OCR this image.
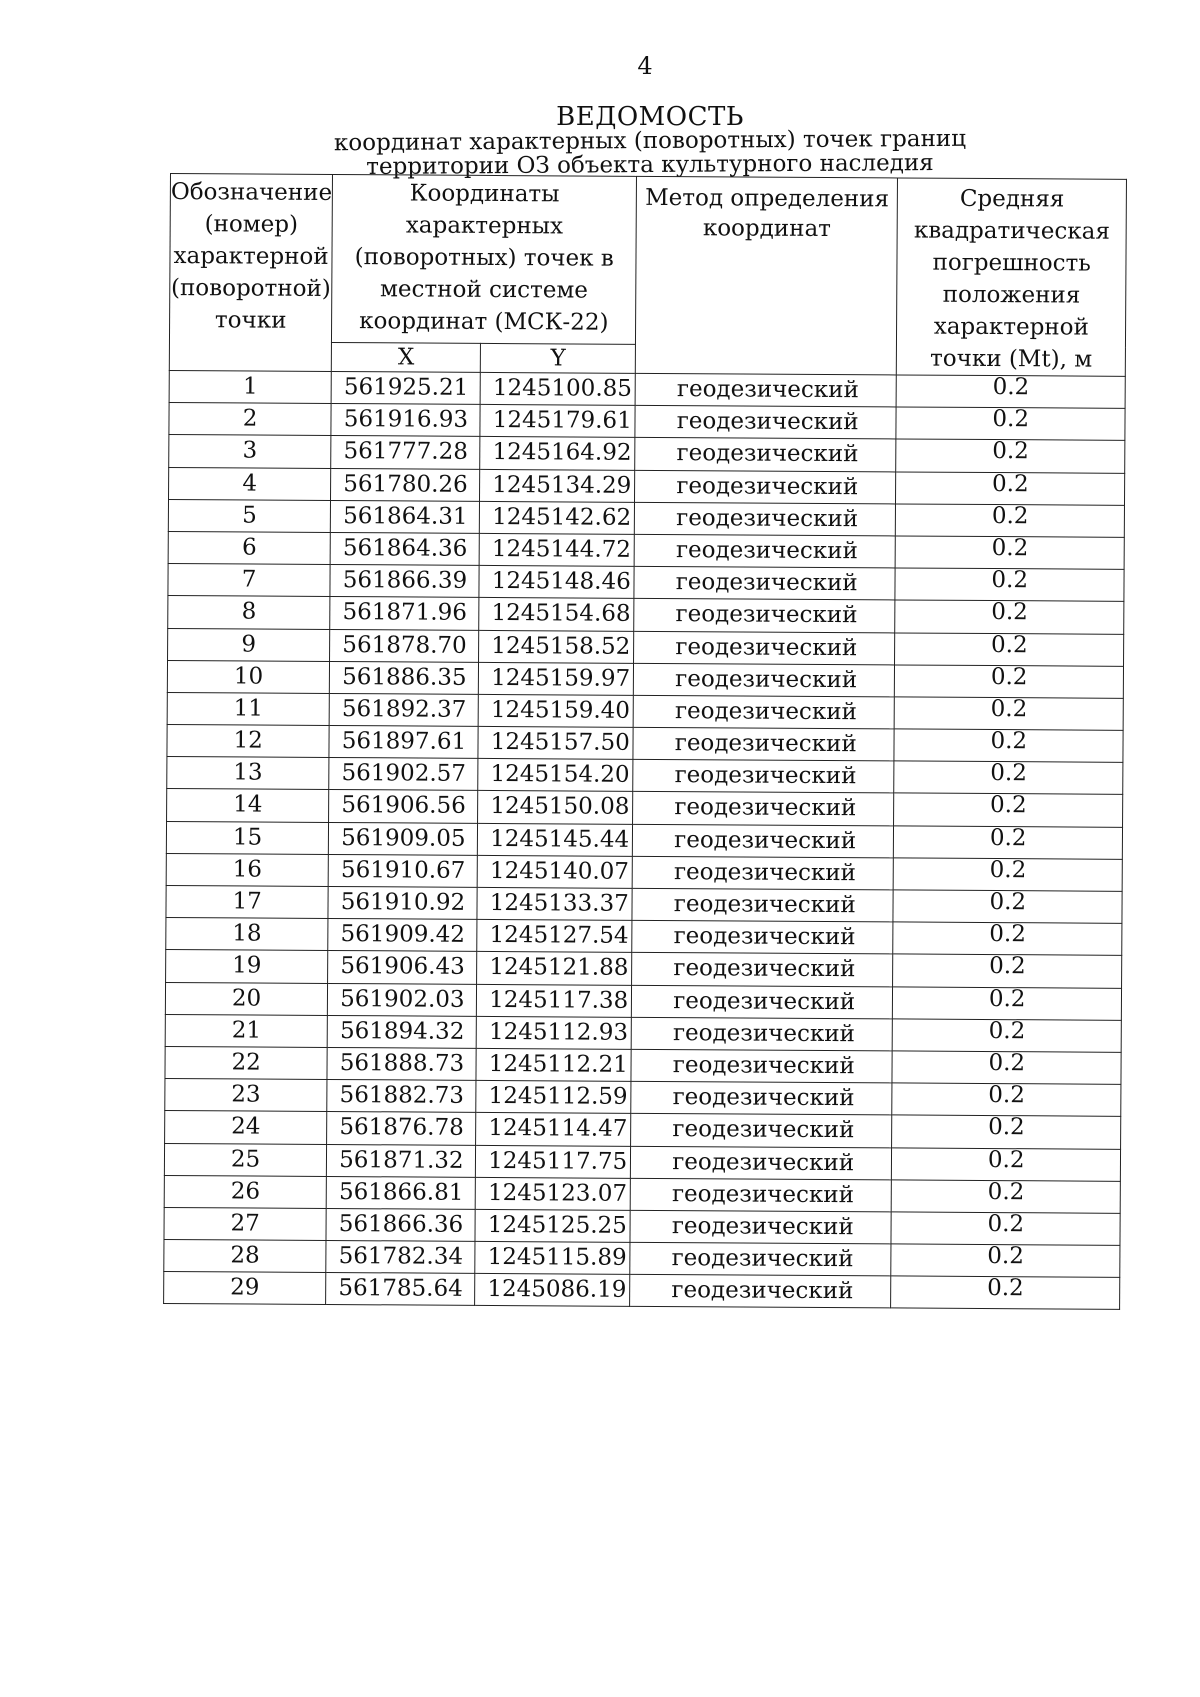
4
ВЕДОМОСТЬ
координат характерных (поворотных) точек границ
территории ОЗ объекта культурного наследия
Обозначение (номер) характерной (поворотной) точки	Координаты характерных (поворотных) точек в местной системе координат (МСК-22)		Метод определения координат	Средняя квадратическая погрешность положения характерной точки (Mt), м
	X	Y		
1	561925.21	1245100.85	геодезический	0.2
2	561916.93	1245179.61	геодезический	0.2
3	561777.28	1245164.92	геодезический	0.2
4	561780.26	1245134.29	геодезический	0.2
5	561864.31	1245142.62	геодезический	0.2
6	561864.36	1245144.72	геодезический	0.2
7	561866.39	1245148.46	геодезический	0.2
8	561871.96	1245154.68	геодезический	0.2
9	561878.70	1245158.52	геодезический	0.2
10	561886.35	1245159.97	геодезический	0.2
11	561892.37	1245159.40	геодезический	0.2
12	561897.61	1245157.50	геодезический	0.2
13	561902.57	1245154.20	геодезический	0.2
14	561906.56	1245150.08	геодезический	0.2
15	561909.05	1245145.44	геодезический	0.2
16	561910.67	1245140.07	геодезический	0.2
17	561910.92	1245133.37	геодезический	0.2
18	561909.42	1245127.54	геодезический	0.2
19	561906.43	1245121.88	геодезический	0.2
20	561902.03	1245117.38	геодезический	0.2
21	561894.32	1245112.93	геодезический	0.2
22	561888.73	1245112.21	геодезический	0.2
23	561882.73	1245112.59	геодезический	0.2
24	561876.78	1245114.47	геодезический	0.2
25	561871.32	1245117.75	геодезический	0.2
26	561866.81	1245123.07	геодезический	0.2
27	561866.36	1245125.25	геодезический	0.2
28	561782.34	1245115.89	геодезический	0.2
29	561785.64	1245086.19	геодезический	0.2
